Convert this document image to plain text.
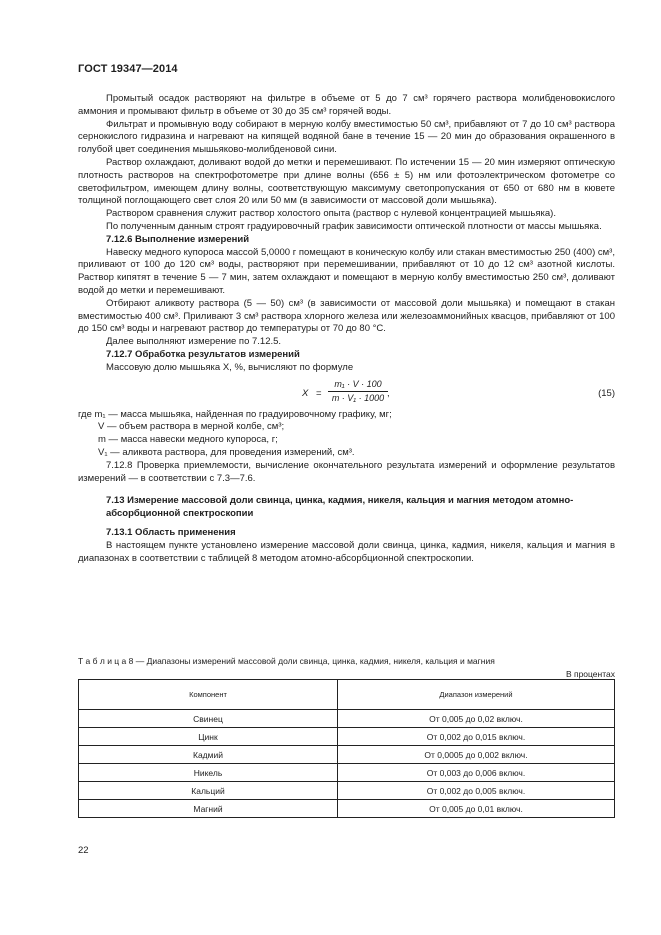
ГОСТ 19347—2014

Промытый осадок растворяют на фильтре в объеме от 5 до 7 см³ горячего раствора молибденовокислого аммония и промывают фильтр в объеме от 30 до 35 см³ горячей воды.

Фильтрат и промывную воду собирают в мерную колбу вместимостью 50 см³, прибавляют от 7 до 10 см³ раствора сернокислого гидразина и нагревают на кипящей водяной бане в течение 15 — 20 мин до образования окрашенного в голубой цвет соединения мышьяково-молибденовой сини.

Раствор охлаждают, доливают водой до метки и перемешивают. По истечении 15 — 20 мин измеряют оптическую плотность растворов на спектрофотометре при длине волны (656 ± 5) нм или фотоэлектрическом фотометре со светофильтром, имеющем длину волны, соответствующую максимуму светопропускания от 650 от 680 нм в кювете толщиной поглощающего свет слоя 20 или 50 мм (в зависимости от массовой доли мышьяка).

Раствором сравнения служит раствор холостого опыта (раствор с нулевой концентрацией мышьяка).

По полученным данным строят градуировочный график зависимости оптической плотности от массы мышьяка.

7.12.6 Выполнение измерений

Навеску медного купороса массой 5,0000 г помещают в коническую колбу или стакан вместимостью 250 (400) см³, приливают от 100 до 120 см³ воды, растворяют при перемешивании, прибавляют от 10 до 12 см³ азотной кислоты. Раствор кипятят в течение 5 — 7 мин, затем охлаждают и помещают в мерную колбу вместимостью 250 см³, доливают водой до метки и перемешивают.

Отбирают аликвоту раствора (5 — 50) см³ (в зависимости от массовой доли мышьяка) и помещают в стакан вместимостью 400 см³. Приливают 3 см³ раствора хлорного железа или железоаммонийных квасцов, прибавляют от 100 до 150 см³ воды и нагревают раствор до температуры от 70 до 80 °С.

Далее выполняют измерение по 7.12.5.

7.12.7 Обработка результатов измерений

Массовую долю мышьяка X, %, вычисляют по формуле

$X = \frac{\text{m₁ · V · 100}}{\text{m · V₁ · 1000}}$ ,	(15)

где m₁ — масса мышьяка, найденная по градуировочному графику, мг;

V — объем раствора в мерной колбе, см³;

m — масса навески медного купороса, г;

V₁ — аликвота раствора, для проведения измерений, см³.

7.12.8 Проверка приемлемости, вычисление окончательного результата измерений и оформление результатов измерений — в соответствии с 7.3—7.6.

7.13 Измерение массовой доли свинца, цинка, кадмия, никеля, кальция и магния методом атомно-абсорбционной спектроскопии

7.13.1 Область применения

В настоящем пункте установлено измерение массовой доли свинца, цинка, кадмия, никеля, кальция и магния в диапазонах в соответствии с таблицей 8 методом атомно-абсорбционной спектроскопии.

Т а б л и ц а 8 — Диапазоны измерений массовой доли свинца, цинка, кадмия, никеля, кальция и магния
В процентах
Компонент	Диапазон измерений
Свинец	От 0,005 до 0,02 включ.
Цинк	От 0,002 до 0,015 включ.
Кадмий	От 0,0005 до 0,002 включ.
Никель	От 0,003 до 0,006 включ.
Кальций	От 0,002 до 0,005 включ.
Магний	От 0,005 до 0,01 включ.
22
